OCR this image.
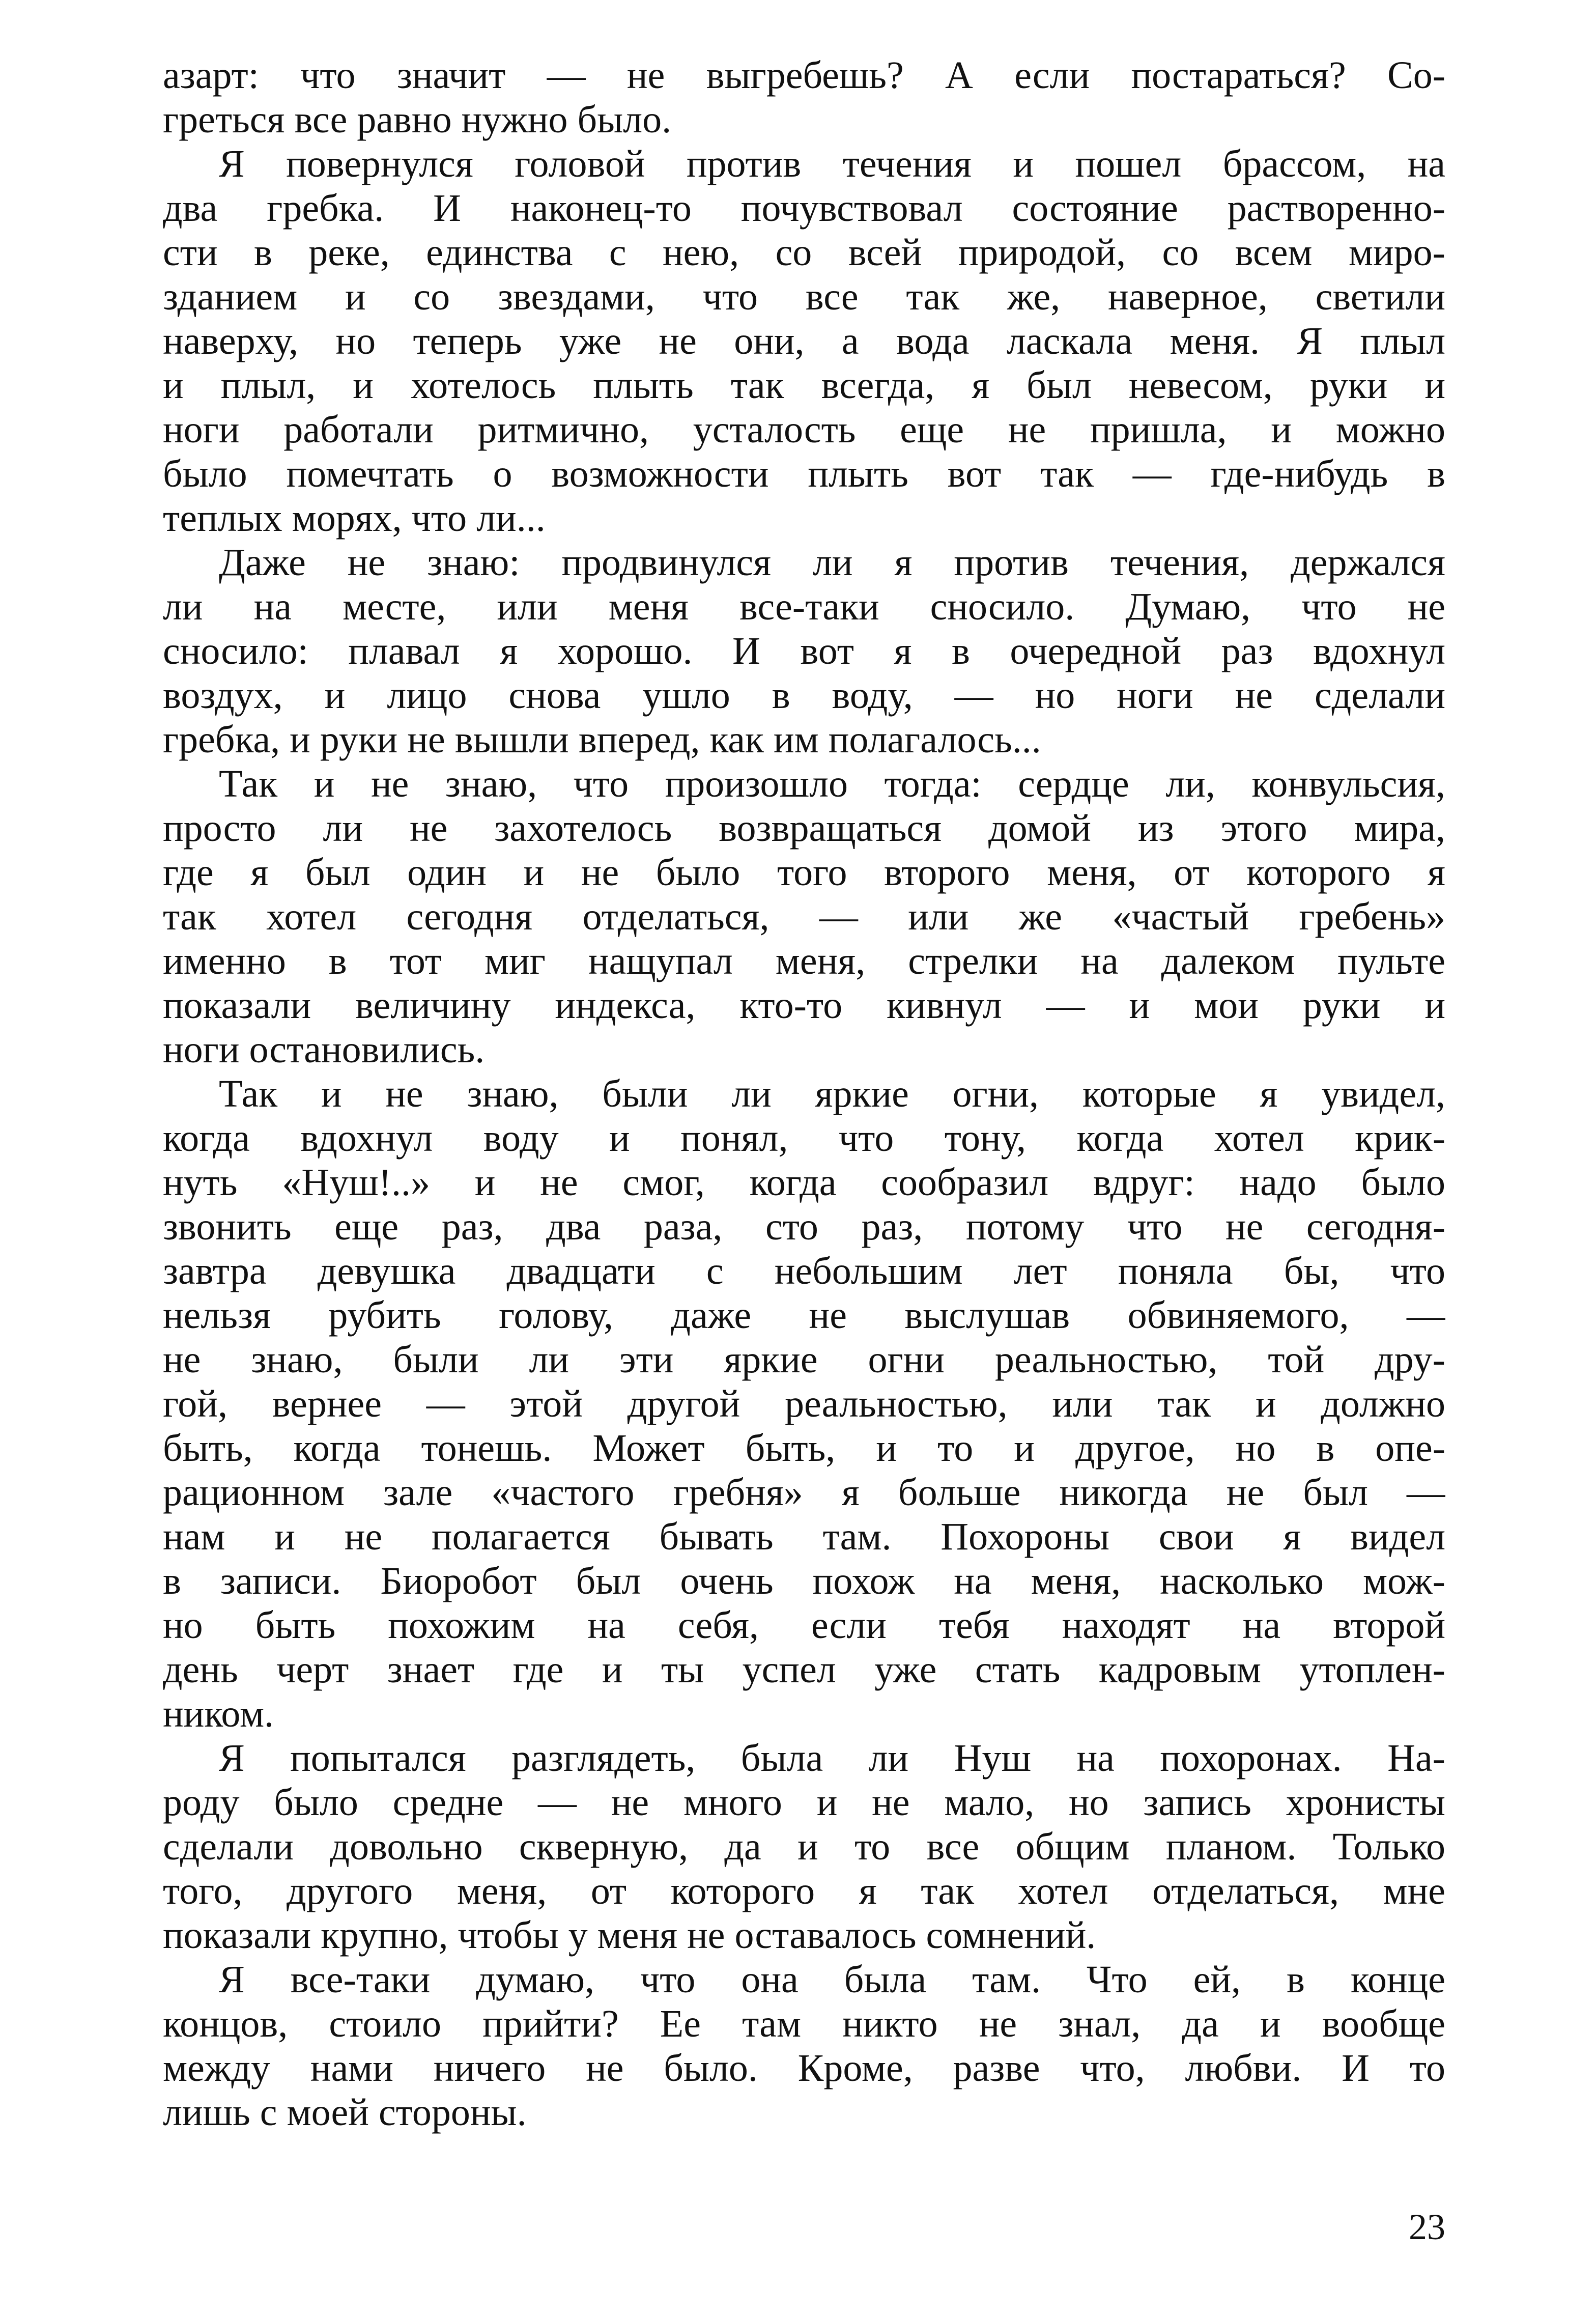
азарт: что значит — не выгребешь? А если постараться? Со-
греться все равно нужно было.
Я повернулся головой против течения и пошел брассом, на
два гребка. И наконец-то почувствовал состояние растворенно-
сти в реке, единства с нею, со всей природой, со всем миро-
зданием и со звездами, что все так же, наверное, светили
наверху, но теперь уже не они, а вода ласкала меня. Я плыл
и плыл, и хотелось плыть так всегда, я был невесом, руки и
ноги работали ритмично, усталость еще не пришла, и можно
было помечтать о возможности плыть вот так — где-нибудь в
теплых морях, что ли...
Даже не знаю: продвинулся ли я против течения, держался
ли на месте, или меня все-таки сносило. Думаю, что не
сносило: плавал я хорошо. И вот я в очередной раз вдохнул
воздух, и лицо снова ушло в воду, — но ноги не сделали
гребка, и руки не вышли вперед, как им полагалось...
Так и не знаю, что произошло тогда: сердце ли, конвульсия,
просто ли не захотелось возвращаться домой из этого мира,
где я был один и не было того второго меня, от которого я
так хотел сегодня отделаться, — или же «частый гребень»
именно в тот миг нащупал меня, стрелки на далеком пульте
показали величину индекса, кто-то кивнул — и мои руки и
ноги остановились.
Так и не знаю, были ли яркие огни, которые я увидел,
когда вдохнул воду и понял, что тону, когда хотел крик-
нуть «Нуш!..» и не смог, когда сообразил вдруг: надо было
звонить еще раз, два раза, сто раз, потому что не сегодня-
завтра девушка двадцати с небольшим лет поняла бы, что
нельзя рубить голову, даже не выслушав обвиняемого, —
не знаю, были ли эти яркие огни реальностью, той дру-
гой, вернее — этой другой реальностью, или так и должно
быть, когда тонешь. Может быть, и то и другое, но в опе-
рационном зале «частого гребня» я больше никогда не был —
нам и не полагается бывать там. Похороны свои я видел
в записи. Биоробот был очень похож на меня, насколько мож-
но быть похожим на себя, если тебя находят на второй
день черт знает где и ты успел уже стать кадровым утоплен-
ником.
Я попытался разглядеть, была ли Нуш на похоронах. На-
роду было средне — не много и не мало, но запись хронисты
сделали довольно скверную, да и то все общим планом. Только
того, другого меня, от которого я так хотел отделаться, мне
показали крупно, чтобы у меня не оставалось сомнений.
Я все-таки думаю, что она была там. Что ей, в конце
концов, стоило прийти? Ее там никто не знал, да и вообще
между нами ничего не было. Кроме, разве что, любви. И то
лишь с моей стороны.
23
